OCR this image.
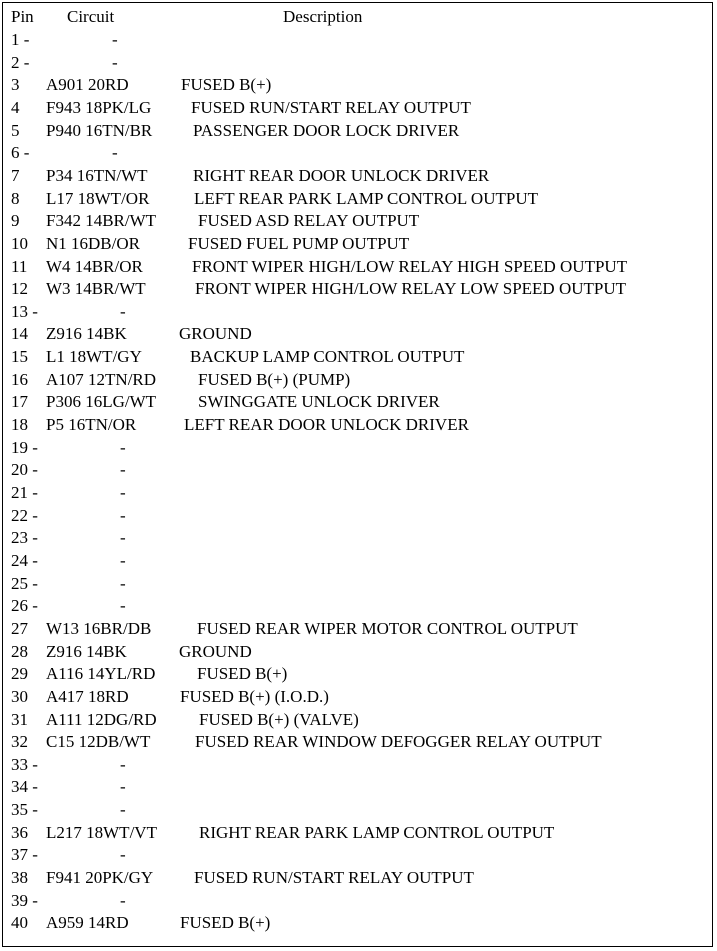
Pin Circuit	Description
1 -	-
2 -	-
3 A901 20RD	FUSED B(+)
4 F943 18PK/LG FUSED RUN/START RELAY OUTPUT
5 P940 16TN/BR PASSENGER DOOR LOCK DRIVER
6 -	-
7 P34 16TN/WT	RIGHT REAR DOOR UNLOCK DRIVER
8 L17 18WT/OR	LEFT REAR PARK LAMP CONTROL OUTPUT
9 F342 14BR/WT FUSED ASD RELAY OUTPUT
10 N1 16DB/OR	FUSED FUEL PUMP OUTPUT
11 W4 14BR/OR	FRONT WIPER HIGH/LOW RELAY HIGH SPEED OUTPUT
12 W3 14BR/WT	FRONT WIPER HIGH/LOW RELAY LOW SPEED OUTPUT
13 -	-
14 Z916 14BK	GROUND
15 L1 18WT/GY	BACKUP LAMP CONTROL OUTPUT
16 A107 12TN/RD FUSED B(+) (PUMP)
17 P306 16LG/WT SWINGGATE UNLOCK DRIVER
18 P5 16TN/OR	LEFT REAR DOOR UNLOCK DRIVER
19 -	-
20 -	-
21 -	-
22 -	-
23 -	-
24 -	-
25 -	-
26 -	-
27 W13 16BR/DB	FUSED REAR WIPER MOTOR CONTROL OUTPUT
28 Z916 14BK	GROUND
29 A116 14YL/RD FUSED B(+)
30 A417 18RD	FUSED B(+) (I.O.D.)
31 A111 12DG/RD FUSED B(+) (VALVE)
32 C15 12DB/WT	FUSED REAR WINDOW DEFOGGER RELAY OUTPUT
33 -	-
34 -	-
35 -	-
36 L217 18WT/VT RIGHT REAR PARK LAMP CONTROL OUTPUT
37 -	-
38 F941 20PK/GY FUSED RUN/START RELAY OUTPUT
39 -	-
40 A959 14RD	FUSED B(+)
